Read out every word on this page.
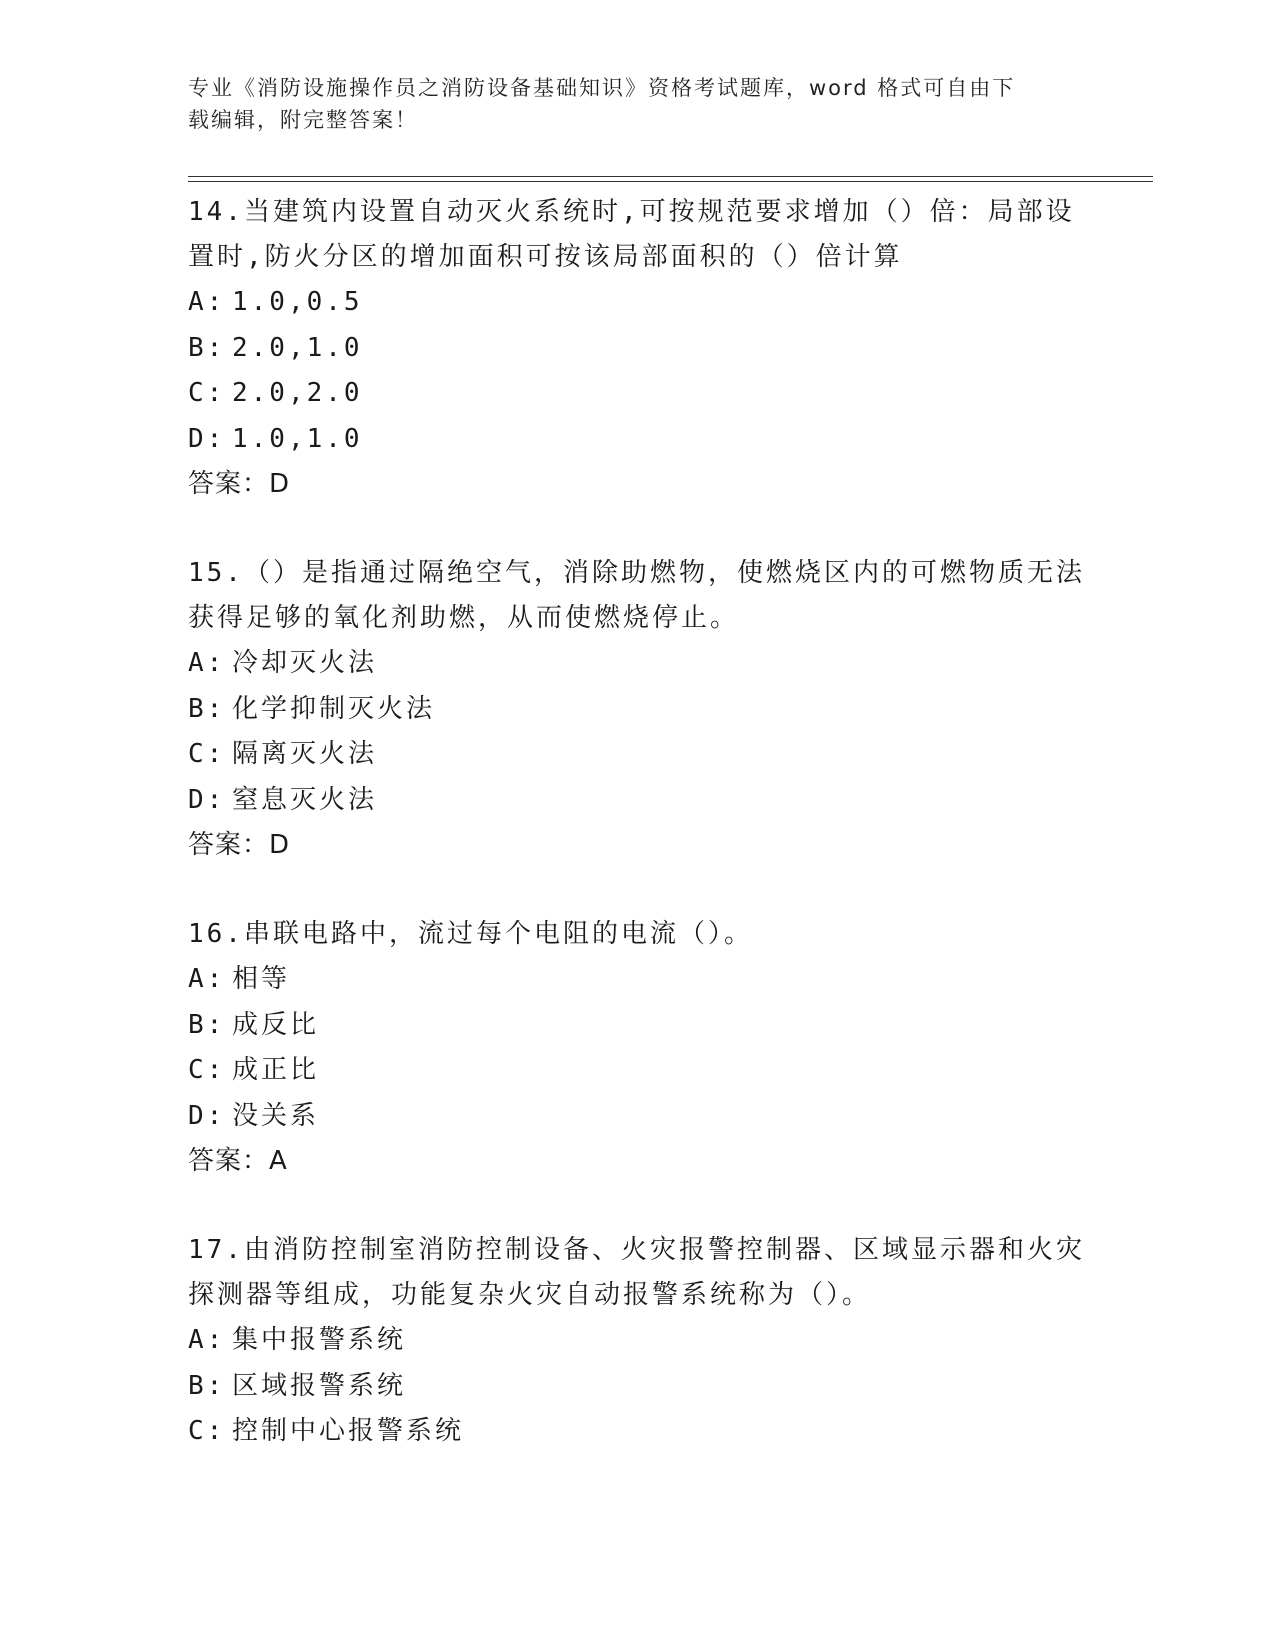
专业《消防设施操作员之消防设备基础知识》资格考试题库，word 格式可自由下
载编辑，附完整答案！
14.当建筑内设置自动灭火系统时,可按规范要求增加（）倍：局部设置时,防火分区的增加面积可按该局部面积的（）倍计算
A: 1.0,0.5
B: 2.0,1.0
C: 2.0,2.0
D: 1.0,1.0
答案：D
15.（）是指通过隔绝空气，消除助燃物，使燃烧区内的可燃物质无法获得足够的氧化剂助燃，从而使燃烧停止。
A: 冷却灭火法
B: 化学抑制灭火法
C: 隔离灭火法
D: 窒息灭火法
答案：D
16.串联电路中，流过每个电阻的电流（）。
A: 相等
B: 成反比
C: 成正比
D: 没关系
答案：A
17.由消防控制室消防控制设备、火灾报警控制器、区域显示器和火灾探测器等组成，功能复杂火灾自动报警系统称为（）。
A: 集中报警系统
B: 区域报警系统
C: 控制中心报警系统
